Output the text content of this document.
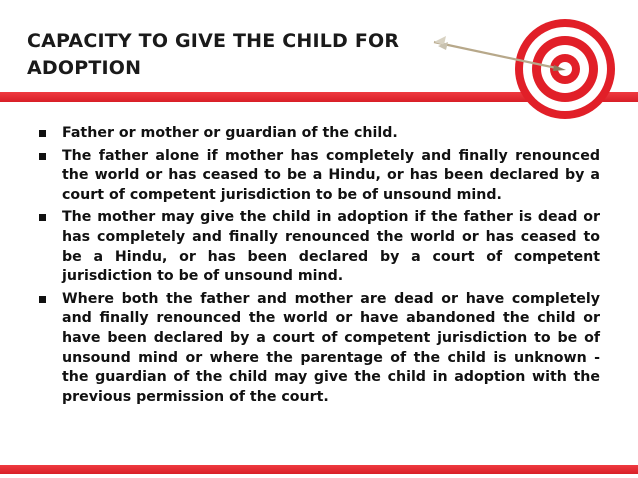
CAPACITY TO GIVE THE CHILD FOR ADOPTION
Father or mother or guardian of the child.
The father alone if mother has completely and finally renounced the world or has ceased to be a Hindu, or has been declared by a court of competent jurisdiction to be of unsound mind.
The mother may give the child in adoption if the father is dead or has completely and finally renounced the world or has ceased to be a Hindu, or has been declared by a court of competent jurisdiction to be of unsound mind.
Where both the father and mother are dead or have completely and finally renounced the world or have abandoned the child or have been declared by a court of competent jurisdiction to be of unsound mind or where the parentage of the child is unknown - the guardian of the child may give the child in adoption with the previous permission of the court.
